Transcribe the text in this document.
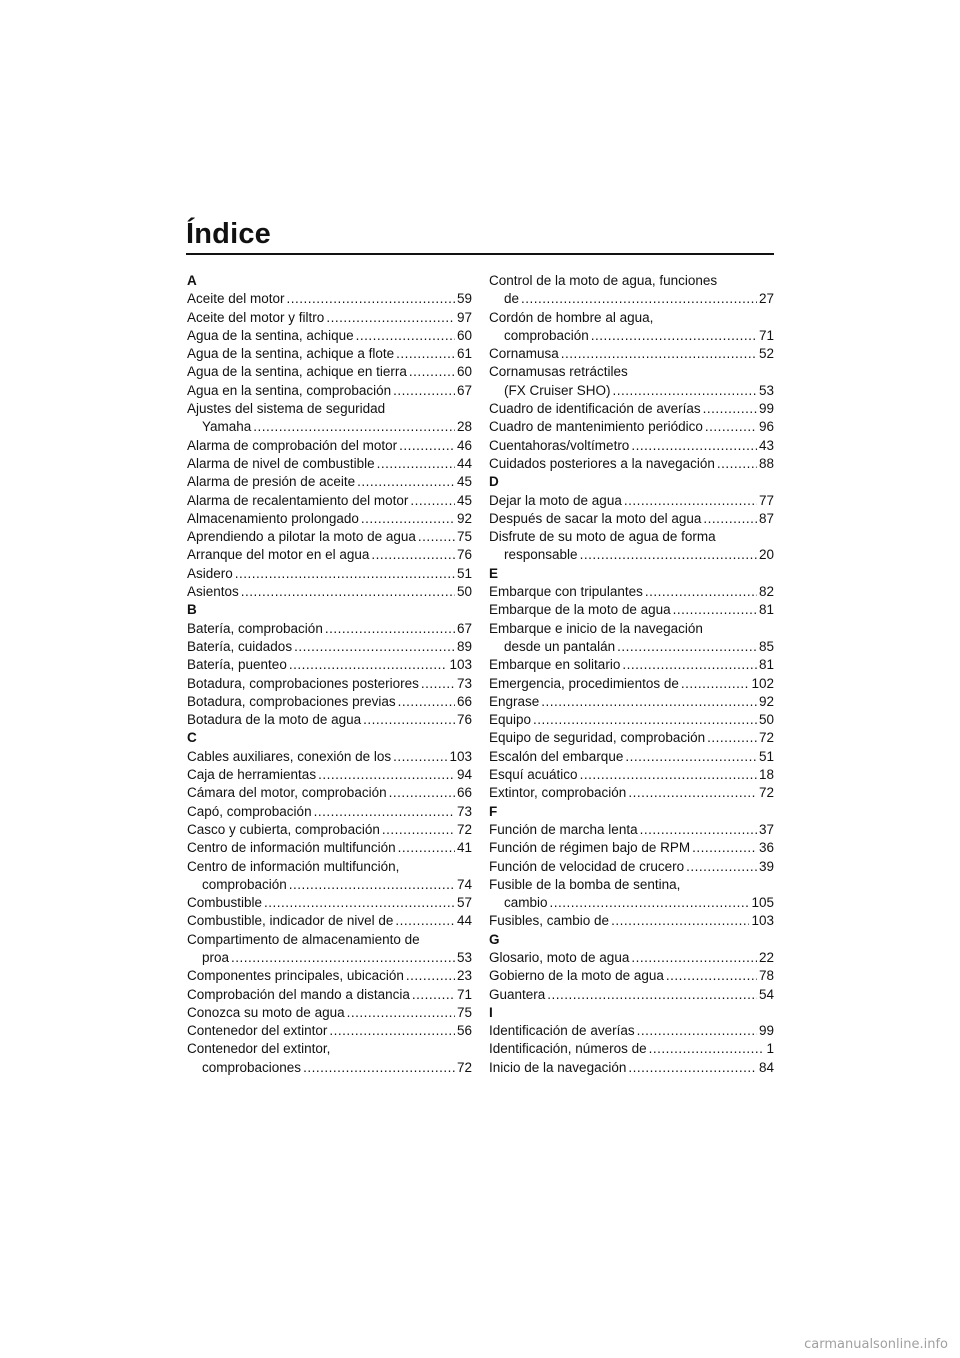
Índice
A
Aceite del motor .....	59
Aceite del motor y filtro .....	97
Agua de la sentina, achique .....	60
Agua de la sentina, achique a flote .....	61
Agua de la sentina, achique en tierra .....	60
Agua en la sentina, comprobación .....	67
Ajustes del sistema de seguridad
Yamaha .....	28
Alarma de comprobación del motor .....	46
Alarma de nivel de combustible .....	44
Alarma de presión de aceite .....	45
Alarma de recalentamiento del motor .....	45
Almacenamiento prolongado .....	92
Aprendiendo a pilotar la moto de agua .....	75
Arranque del motor en el agua .....	76
Asidero .....	51
Asientos .....	50
B
Batería, comprobación .....	67
Batería, cuidados .....	89
Batería, puenteo .....	103
Botadura, comprobaciones posteriores .....	73
Botadura, comprobaciones previas .....	66
Botadura de la moto de agua .....	76
C
Cables auxiliares, conexión de los .....	103
Caja de herramientas .....	94
Cámara del motor, comprobación .....	66
Capó, comprobación .....	73
Casco y cubierta, comprobación .....	72
Centro de información multifunción .....	41
Centro de información multifunción,
comprobación .....	74
Combustible .....	57
Combustible, indicador de nivel de .....	44
Compartimento de almacenamiento de
proa .....	53
Componentes principales, ubicación .....	23
Comprobación del mando a distancia .....	71
Conozca su moto de agua .....	75
Contenedor del extintor .....	56
Contenedor del extintor,
comprobaciones .....	72
Control de la moto de agua, funciones
de .....	27
Cordón de hombre al agua,
comprobación .....	71
Cornamusa .....	52
Cornamusas retráctiles
(FX Cruiser SHO) .....	53
Cuadro de identificación de averías .....	99
Cuadro de mantenimiento periódico .....	96
Cuentahoras/voltímetro .....	43
Cuidados posteriores a la navegación .....	88
D
Dejar la moto de agua .....	77
Después de sacar la moto del agua .....	87
Disfrute de su moto de agua de forma
responsable .....	20
E
Embarque con tripulantes .....	82
Embarque de la moto de agua .....	81
Embarque e inicio de la navegación
desde un pantalán .....	85
Embarque en solitario .....	81
Emergencia, procedimientos de .....	102
Engrase .....	92
Equipo .....	50
Equipo de seguridad, comprobación .....	72
Escalón del embarque .....	51
Esquí acuático .....	18
Extintor, comprobación .....	72
F
Función de marcha lenta .....	37
Función de régimen bajo de RPM .....	36
Función de velocidad de crucero .....	39
Fusible de la bomba de sentina,
cambio .....	105
Fusibles, cambio de .....	103
G
Glosario, moto de agua .....	22
Gobierno de la moto de agua .....	78
Guantera .....	54
I
Identificación de averías .....	99
Identificación, números de .....	1
Inicio de la navegación .....	84
carmanualsonline.info
